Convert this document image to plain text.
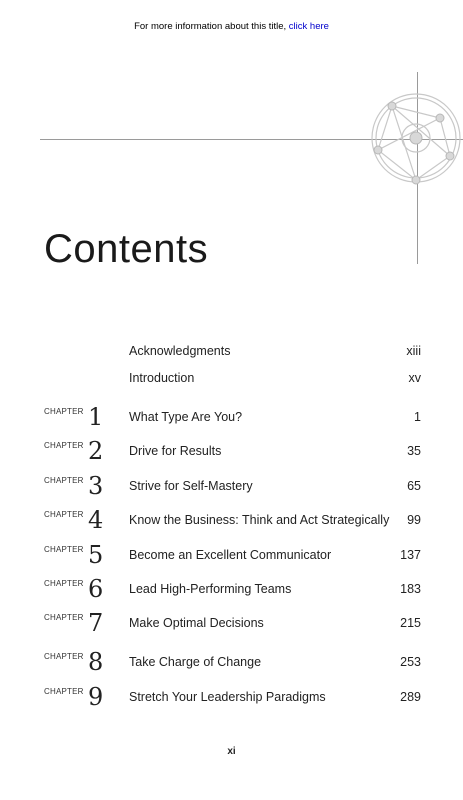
For more information about this title, click here
Contents
Acknowledgments	xiii
Introduction	xv
CHAPTER 1 What Type Are You?	1
CHAPTER 2 Drive for Results	35
CHAPTER 3 Strive for Self-Mastery	65
CHAPTER 4 Know the Business: Think and Act Strategically 99
CHAPTER 5 Become an Excellent Communicator	137
CHAPTER 6 Lead High-Performing Teams	183
CHAPTER 7 Make Optimal Decisions	215
CHAPTER 8 Take Charge of Change	253
CHAPTER 9 Stretch Your Leadership Paradigms	289
xi
